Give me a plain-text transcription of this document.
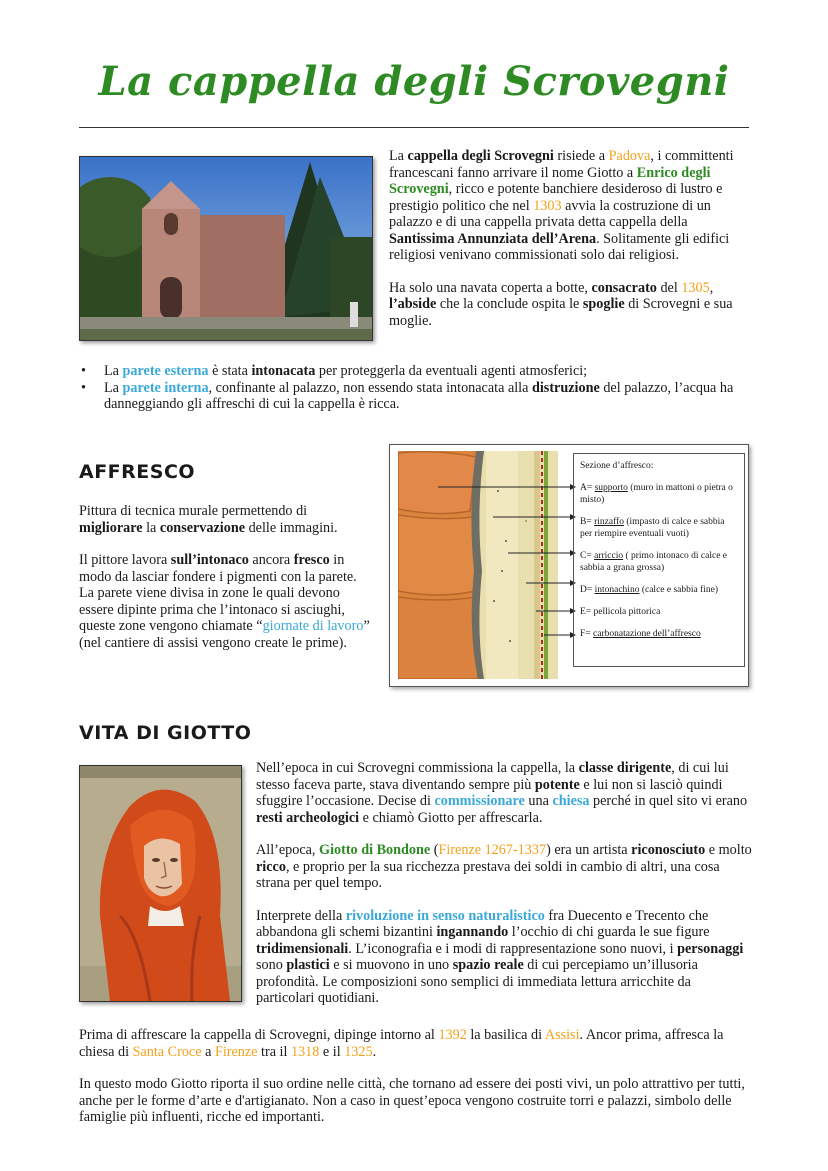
La cappella degli Scrovegni

La cappella degli Scrovegni risiede a Padova, i committenti francescani fanno arrivare il nome Giotto a Enrico degli Scrovegni, ricco e potente banchiere desideroso di lustro e prestigio politico che nel 1303 avvia la costruzione di un palazzo e di una cappella privata detta cappella della Santissima Annunziata dell’Arena. Solitamente gli edifici religiosi venivano commissionati solo dai religiosi.

Ha solo una navata coperta a botte, consacrato del 1305, l’abside che la conclude ospita le spoglie di Scrovegni e sua moglie.

• La parete esterna è stata intonacata per proteggerla da eventuali agenti atmosferici;
• La parete interna, confinante al palazzo, non essendo stata intonacata alla distruzione del palazzo, l’acqua ha danneggiando gli affreschi di cui la cappella è ricca.
AFFRESCO

Pittura di tecnica murale permettendo di migliorare la conservazione delle immagini.

Il pittore lavora sull’intonaco ancora fresco in modo da lasciar fondere i pigmenti con la parete. La parete viene divisa in zone le quali devono essere dipinte prima che l’intonaco si asciughi, queste zone vengono chiamate “giornate di lavoro” (nel cantiere di assisi vengono create le prime).

Sezione d’affresco:
A= supporto (muro in mattoni o pietra o misto)
B= rinzaffo (impasto di calce e sabbia per riempire eventuali vuoti)
C= arriccio ( primo intonaco di calce e sabbia a grana grossa)
D= intonachino (calce e sabbia fine)
E= pellicola pittorica
F= carbonatazione dell’affresco
VITA DI GIOTTO

Nell’epoca in cui Scrovegni commissiona la cappella, la classe dirigente, di cui lui stesso faceva parte, stava diventando sempre più potente e lui non si lasciò quindi sfuggire l’occasione. Decise di commissionare una chiesa perché in quel sito vi erano resti archeologici e chiamò Giotto per affrescarla.

All’epoca, Giotto di Bondone (Firenze 1267-1337) era un artista riconosciuto e molto ricco, e proprio per la sua ricchezza prestava dei soldi in cambio di altri, una cosa strana per quel tempo.

Interprete della rivoluzione in senso naturalistico fra Duecento e Trecento che abbandona gli schemi bizantini ingannando l’occhio di chi guarda le sue figure tridimensionali. L’iconografia e i modi di rappresentazione sono nuovi, i personaggi sono plastici e si muovono in uno spazio reale di cui percepiamo un’illusoria profondità. Le composizioni sono semplici di immediata lettura arricchite da particolari quotidiani.

Prima di affrescare la cappella di Scrovegni, dipinge intorno al 1392 la basilica di Assisi. Ancor prima, affresca la chiesa di Santa Croce a Firenze tra il 1318 e il 1325.

In questo modo Giotto riporta il suo ordine nelle città, che tornano ad essere dei posti vivi, un polo attrattivo per tutti, anche per le forme d’arte e d'artigianato. Non a caso in quest’epoca vengono costruite torri e palazzi, simbolo delle famiglie più influenti, ricche ed importanti.
